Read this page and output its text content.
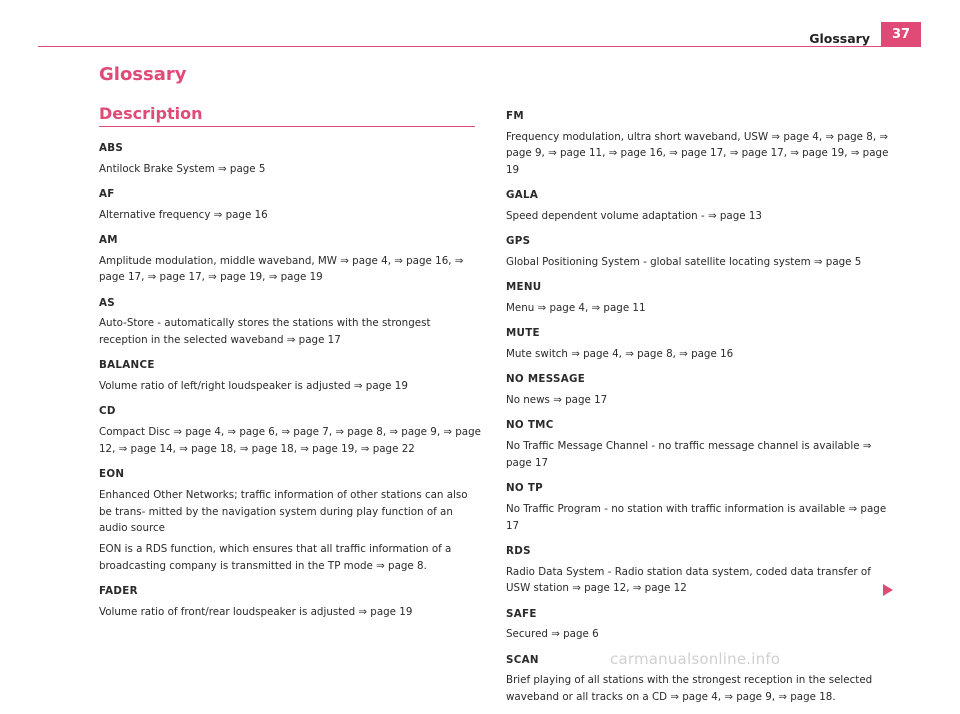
Glossary 37
Glossary
Description

ABS

Antilock Brake System ⇒ page 5

AF

Alternative frequency ⇒ page 16

AM

Amplitude modulation, middle waveband, MW ⇒ page 4, ⇒ page 16, ⇒ page 17, ⇒ page 17, ⇒ page 19, ⇒ page 19

AS

Auto-Store - automatically stores the stations with the strongest reception in the selected waveband ⇒ page 17

BALANCE

Volume ratio of left/right loudspeaker is adjusted ⇒ page 19

CD

Compact Disc ⇒ page 4, ⇒ page 6, ⇒ page 7, ⇒ page 8, ⇒ page 9, ⇒ page 12, ⇒ page 14, ⇒ page 18, ⇒ page 18, ⇒ page 19, ⇒ page 22

EON

Enhanced Other Networks; traffic information of other stations can also be trans- mitted by the navigation system during play function of an audio source

EON is a RDS function, which ensures that all traffic information of a broadcasting company is transmitted in the TP mode ⇒ page 8.

FADER

Volume ratio of front/rear loudspeaker is adjusted ⇒ page 19

FM

Frequency modulation, ultra short waveband, USW ⇒ page 4, ⇒ page 8, ⇒ page 9, ⇒ page 11, ⇒ page 16, ⇒ page 17, ⇒ page 17, ⇒ page 19, ⇒ page 19

GALA

Speed dependent volume adaptation - ⇒ page 13

GPS

Global Positioning System - global satellite locating system ⇒ page 5

MENU

Menu ⇒ page 4, ⇒ page 11

MUTE

Mute switch ⇒ page 4, ⇒ page 8, ⇒ page 16

NO MESSAGE

No news ⇒ page 17

NO TMC

No Traffic Message Channel - no traffic message channel is available ⇒ page 17

NO TP

No Traffic Program - no station with traffic information is available ⇒ page 17

RDS

Radio Data System - Radio station data system, coded data transfer of USW station ⇒ page 12, ⇒ page 12

SAFE

Secured ⇒ page 6

SCAN

Brief playing of all stations with the strongest reception in the selected waveband or all tracks on a CD ⇒ page 4, ⇒ page 9, ⇒ page 18.

carmanualsonline.info
